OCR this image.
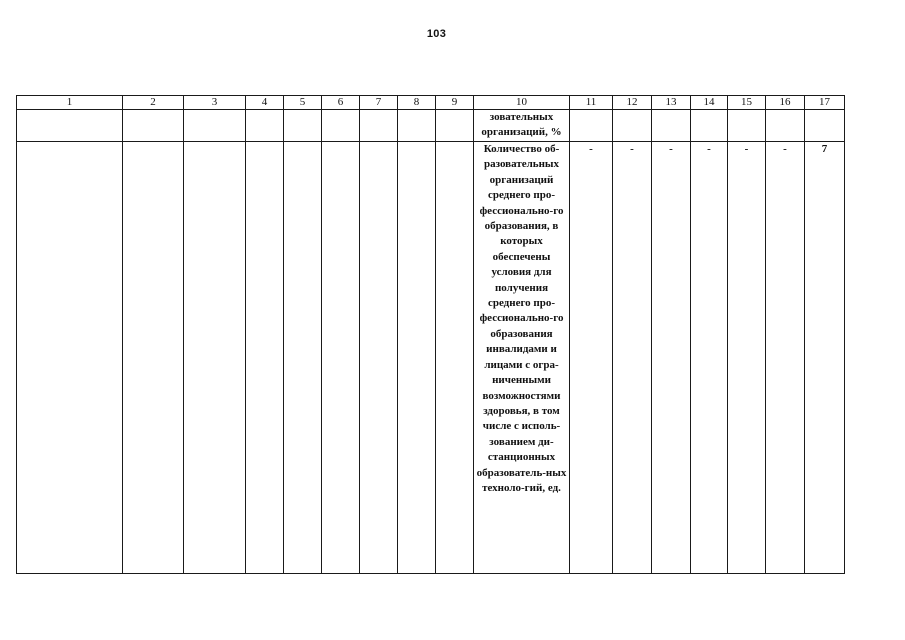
103
1	2	3	4	5	6	7	8	9	10	11	12	13	14	15	16	17
									зовательных организаций, %							
									Количество об-разовательных организаций среднего про-фессионально-го образования, в которых обеспечены условия для получения среднего про-фессионально-го образования инвалидами и лицами с огра-ниченными возможностями здоровья, в том числе с исполь-зованием ди-станционных образователь-ных техноло-гий, ед.	-	-	-	-	-	-	7
